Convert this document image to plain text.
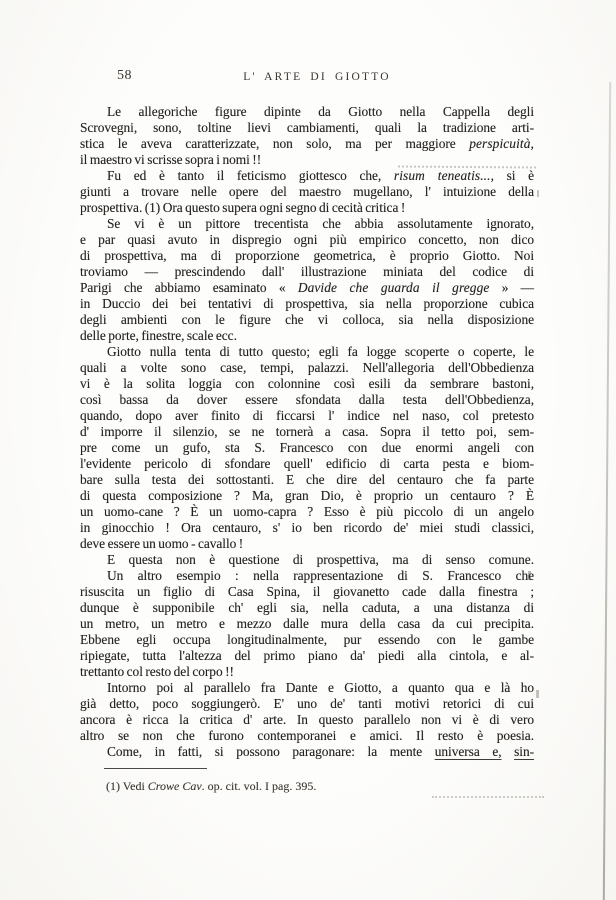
58	L' ARTE DI GIOTTO
Le allegoriche figure dipinte da Giotto nella Cappella degli
Scrovegni, sono, toltine lievi cambiamenti, quali la tradizione arti-
stica le aveva caratterizzate, non solo, ma per maggiore perspicuità,
il maestro vi scrisse sopra i nomi !!
Fu ed è tanto il feticismo giottesco che, risum teneatis..., si è
giunti a trovare nelle opere del maestro mugellano, l' intuizione della
prospettiva. (1) Ora questo supera ogni segno di cecità critica !
Se vi è un pittore trecentista che abbia assolutamente ignorato,
e par quasi avuto in dispregio ogni più empirico concetto, non dico
di prospettiva, ma di proporzione geometrica, è proprio Giotto. Noi
troviamo — prescindendo dall' illustrazione miniata del codice di
Parigi che abbiamo esaminato « Davide che guarda il gregge » —
in Duccio dei bei tentativi di prospettiva, sia nella proporzione cubica
degli ambienti con le figure che vi colloca, sia nella disposizione
delle porte, finestre, scale ecc.
Giotto nulla tenta di tutto questo; egli fa logge scoperte o coperte, le
quali a volte sono case, tempi, palazzi. Nell'allegoria dell'Obbedienza
vi è la solita loggia con colonnine così esili da sembrare bastoni,
così bassa da dover essere sfondata dalla testa dell'Obbedienza,
quando, dopo aver finito di ficcarsi l' indice nel naso, col pretesto
d' imporre il silenzio, se ne tornerà a casa. Sopra il tetto poi, sem-
pre come un gufo, sta S. Francesco con due enormi angeli con
l'evidente pericolo di sfondare quell' edificio di carta pesta e biom-
bare sulla testa dei sottostanti. E che dire del centauro che fa parte
di questa composizione ? Ma, gran Dio, è proprio un centauro ? È
un uomo-cane ? È un uomo-capra ? Esso è più piccolo di un angelo
in ginocchio ! Ora centauro, s' io ben ricordo de' miei studi classici,
deve essere un uomo - cavallo !
E questa non è questione di prospettiva, ma di senso comune.
Un altro esempio : nella rappresentazione di S. Francesco che
risuscita un figlio di Casa Spina, il giovanetto cade dalla finestra ;
dunque è supponibile ch' egli sia, nella caduta, a una distanza di
un metro, un metro e mezzo dalle mura della casa da cui precipita.
Ebbene egli occupa longitudinalmente, pur essendo con le gambe
ripiegate, tutta l'altezza del primo piano da' piedi alla cintola, e al-
trettanto col resto del corpo !!
Intorno poi al parallelo fra Dante e Giotto, a quanto qua e là ho
già detto, poco soggiungerò. E' uno de' tanti motivi retorici di cui
ancora è ricca la critica d' arte. In questo parallelo non vi è di vero
altro se non che furono contemporanei e amici. Il resto è poesia.
Come, in fatti, si possono paragonare: la mente universa e, sin-
(1) Vedi Crowe Cav. op. cit. vol. I pag. 395.
